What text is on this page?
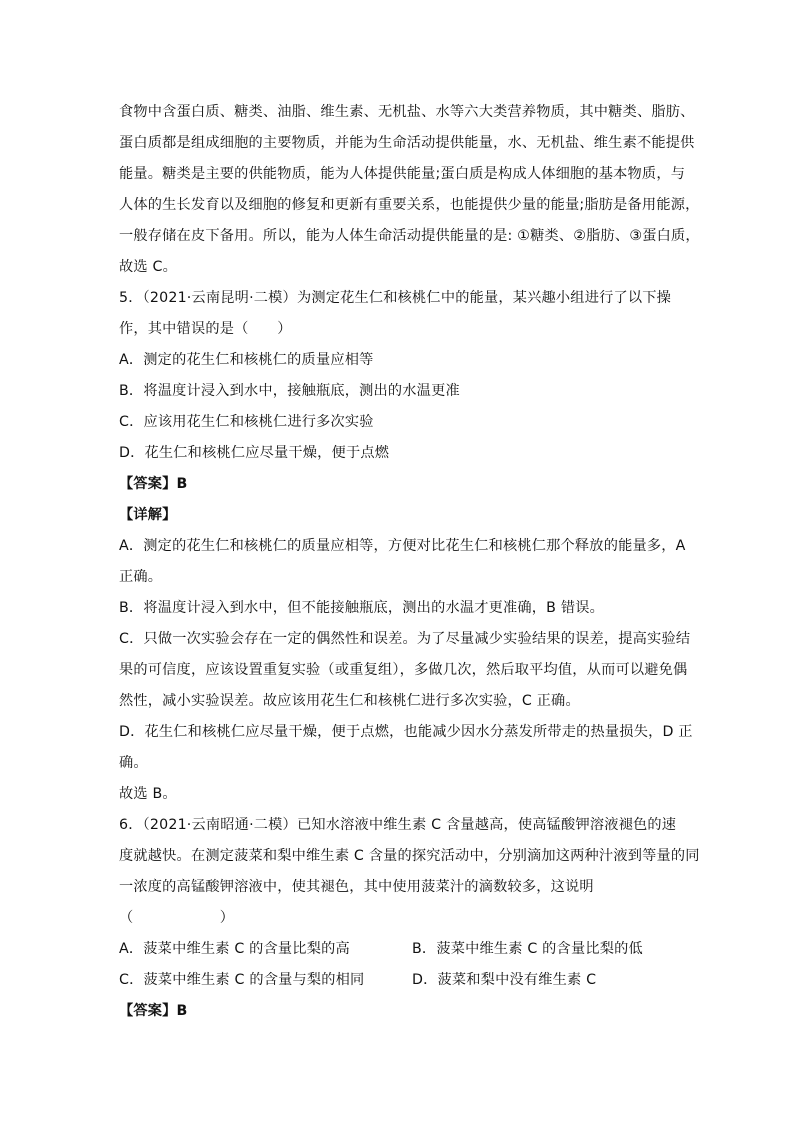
食物中含蛋白质、糖类、油脂、维生素、无机盐、水等六大类营养物质，其中糖类、脂肪、
蛋白质都是组成细胞的主要物质，并能为生命活动提供能量，水、无机盐、维生素不能提供
能量。糖类是主要的供能物质，能为人体提供能量;蛋白质是构成人体细胞的基本物质，与
人体的生长发育以及细胞的修复和更新有重要关系，也能提供少量的能量;脂肪是备用能源，
一般存储在皮下备用。所以，能为人体生命活动提供能量的是: ①糖类、②脂肪、③蛋白质，
故选 C。
5．（2021·云南昆明·二模）为测定花生仁和核桃仁中的能量，某兴趣小组进行了以下操
作，其中错误的是（　　）
A．测定的花生仁和核桃仁的质量应相等
B．将温度计浸入到水中，接触瓶底，测出的水温更准
C．应该用花生仁和核桃仁进行多次实验
D．花生仁和核桃仁应尽量干燥，便于点燃
【答案】B
【详解】
A．测定的花生仁和核桃仁的质量应相等，方便对比花生仁和核桃仁那个释放的能量多，A
正确。
B．将温度计浸入到水中，但不能接触瓶底，测出的水温才更准确，B 错误。
C．只做一次实验会存在一定的偶然性和误差。为了尽量减少实验结果的误差，提高实验结
果的可信度，应该设置重复实验（或重复组），多做几次，然后取平均值，从而可以避免偶
然性，减小实验误差。故应该用花生仁和核桃仁进行多次实验，C 正确。
D．花生仁和核桃仁应尽量干燥，便于点燃，也能减少因水分蒸发所带走的热量损失，D 正
确。
故选 B。
6．（2021·云南昭通·二模）已知水溶液中维生素 C 含量越高，使高锰酸钾溶液褪色的速
度就越快。在测定菠菜和梨中维生素 C 含量的探究活动中，分别滴加这两种汁液到等量的同
一浓度的高锰酸钾溶液中，使其褪色，其中使用菠菜汁的滴数较多，这说明
（　　　　　　）
A．菠菜中维生素 C 的含量比梨的高	B．菠菜中维生素 C 的含量比梨的低
C．菠菜中维生素 C 的含量与梨的相同	D．菠菜和梨中没有维生素 C
【答案】B
